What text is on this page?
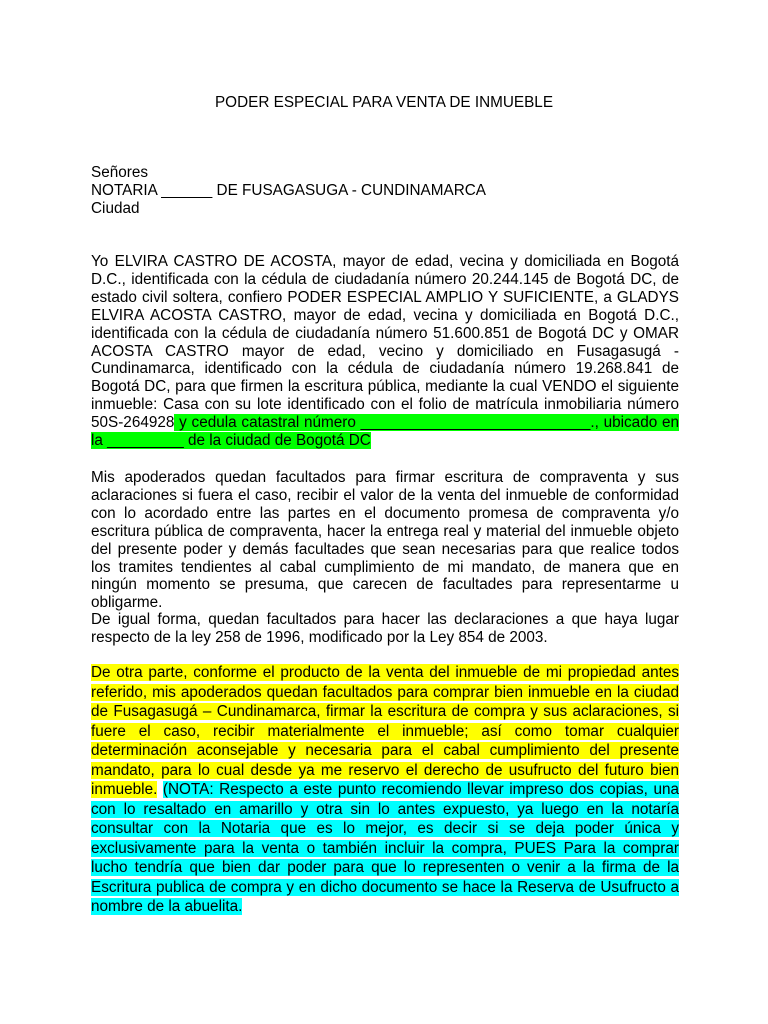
PODER ESPECIAL PARA VENTA DE INMUEBLE
Señores
NOTARIA ______ DE FUSAGASUGA - CUNDINAMARCA
Ciudad
Yo ELVIRA CASTRO DE ACOSTA, mayor de edad, vecina y domiciliada en Bogotá D.C., identificada con la cédula de ciudadanía número 20.244.145 de Bogotá DC, de estado civil soltera, confiero PODER ESPECIAL AMPLIO Y SUFICIENTE, a GLADYS ELVIRA ACOSTA CASTRO, mayor de edad, vecina y domiciliada en Bogotá D.C., identificada con la cédula de ciudadanía número 51.600.851 de Bogotá DC y OMAR ACOSTA CASTRO mayor de edad, vecino y domiciliado en Fusagasugá - Cundinamarca, identificado con la cédula de ciudadanía número 19.268.841 de Bogotá DC, para que firmen la escritura pública, mediante la cual VENDO el siguiente inmueble: Casa con su lote identificado con el folio de matrícula inmobiliaria número 50S-264928 y cedula catastral número ___________________________., ubicado en la _________ de la ciudad de Bogotá DC
Mis apoderados quedan facultados para firmar escritura de compraventa y sus aclaraciones si fuera el caso, recibir el valor de la venta del inmueble de conformidad con lo acordado entre las partes en el documento promesa de compraventa y/o escritura pública de compraventa, hacer la entrega real y material del inmueble objeto del presente poder y demás facultades que sean necesarias para que realice todos los tramites tendientes al cabal cumplimiento de mi mandato, de manera que en ningún momento se presuma, que carecen de facultades para representarme u obligarme.
De igual forma, quedan facultados para hacer las declaraciones a que haya lugar respecto de la ley 258 de 1996, modificado por la Ley 854 de 2003.
De otra parte, conforme el producto de la venta del inmueble de mi propiedad antes referido, mis apoderados quedan facultados para comprar bien inmueble en la ciudad de Fusagasugá – Cundinamarca, firmar la escritura de compra y sus aclaraciones, si fuere el caso, recibir materialmente el inmueble; así como tomar cualquier determinación aconsejable y necesaria para el cabal cumplimiento del presente mandato, para lo cual desde ya me reservo el derecho de usufructo del futuro bien inmueble. (NOTA: Respecto a este punto recomiendo llevar impreso dos copias, una con lo resaltado en amarillo y otra sin lo antes expuesto, ya luego en la notaría consultar con la Notaria que es lo mejor, es decir si se deja poder única y exclusivamente para la venta o también incluir la compra, PUES Para la comprar lucho tendría que bien dar poder para que lo representen o venir a la firma de la Escritura publica de compra y en dicho documento se hace la Reserva de Usufructo a nombre de la abuelita.
